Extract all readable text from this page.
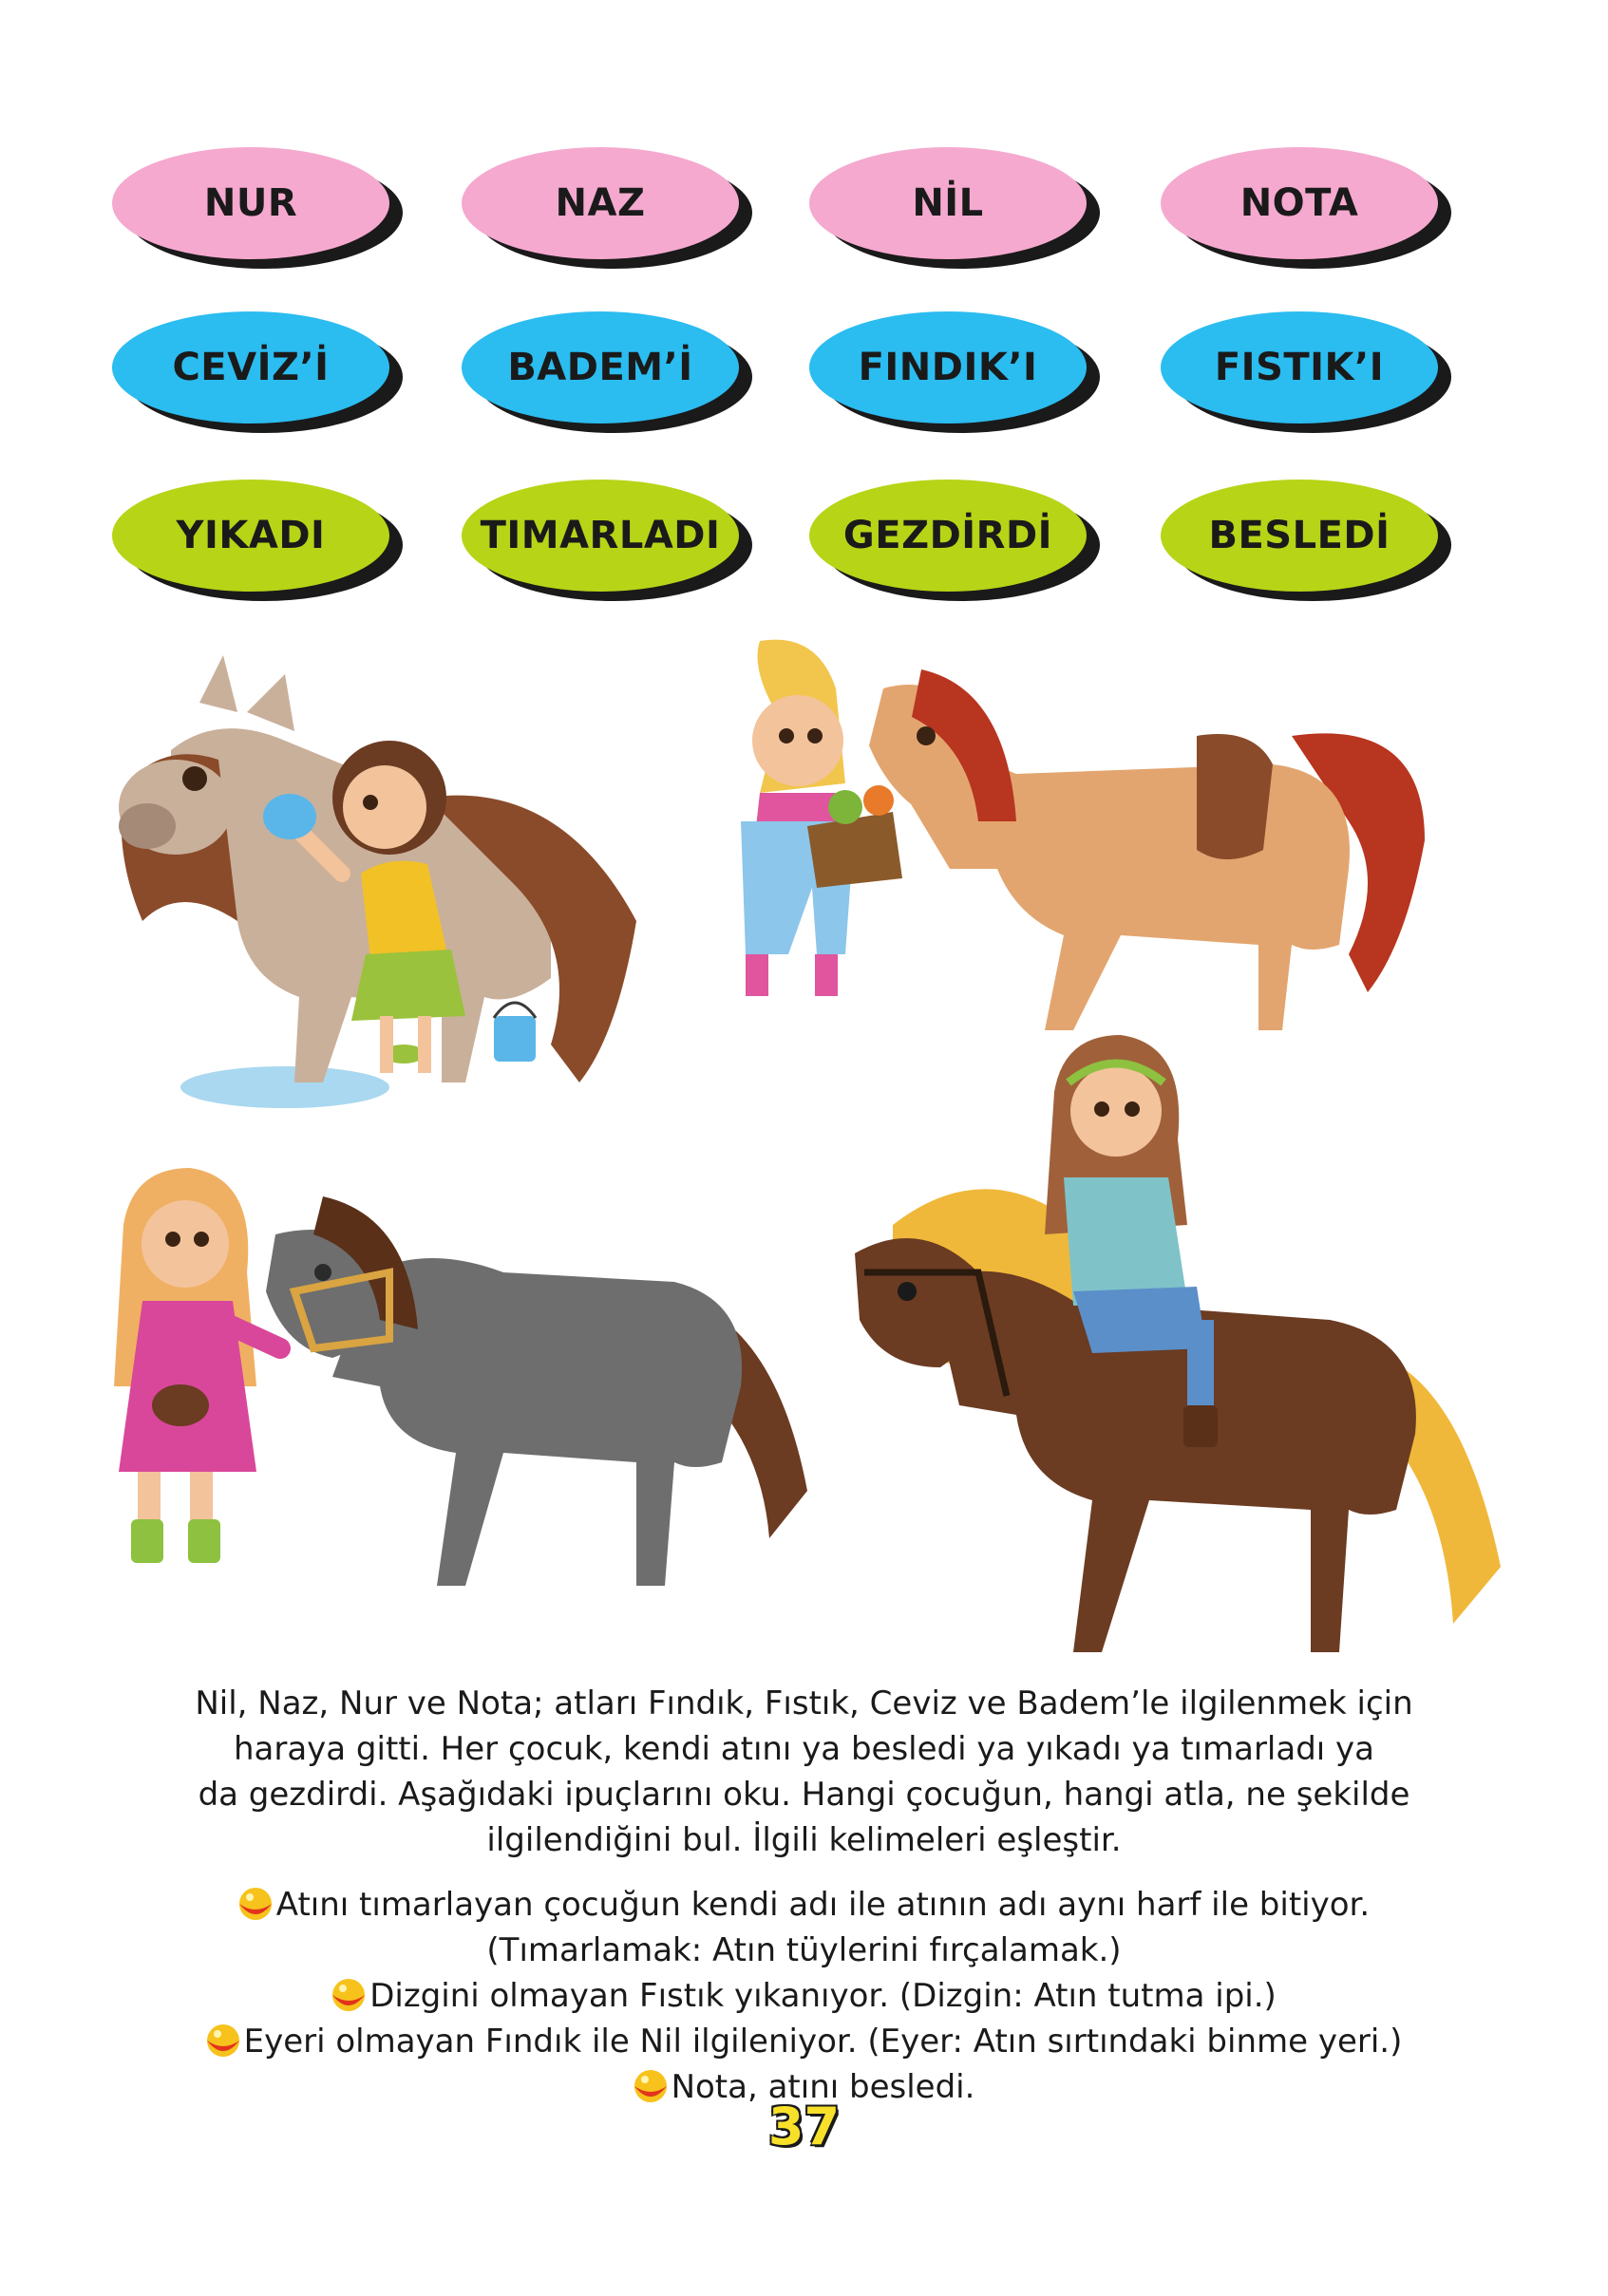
NUR	NAZ	NİL	NOTA
CEVİZ’İ	BADEM’İ	FINDIK’I	FISTIK’I
YIKADI	TIMARLADI	GEZDİRDİ	BESLEDİ
Nil, Naz, Nur ve Nota; atları Fındık, Fıstık, Ceviz ve Badem’le ilgilenmek için
haraya gitti. Her çocuk, kendi atını ya besledi ya yıkadı ya tımarladı ya
da gezdirdi. Aşağıdaki ipuçlarını oku. Hangi çocuğun, hangi atla, ne şekilde
ilgilendiğini bul. İlgili kelimeleri eşleştir.
Atını tımarlayan çocuğun kendi adı ile atının adı aynı harf ile bitiyor.
(Tımarlamak: Atın tüylerini fırçalamak.)
Dizgini olmayan Fıstık yıkanıyor. (Dizgin: Atın tutma ipi.)
Eyeri olmayan Fındık ile Nil ilgileniyor. (Eyer: Atın sırtındaki binme yeri.)
Nota, atını besledi.
37
